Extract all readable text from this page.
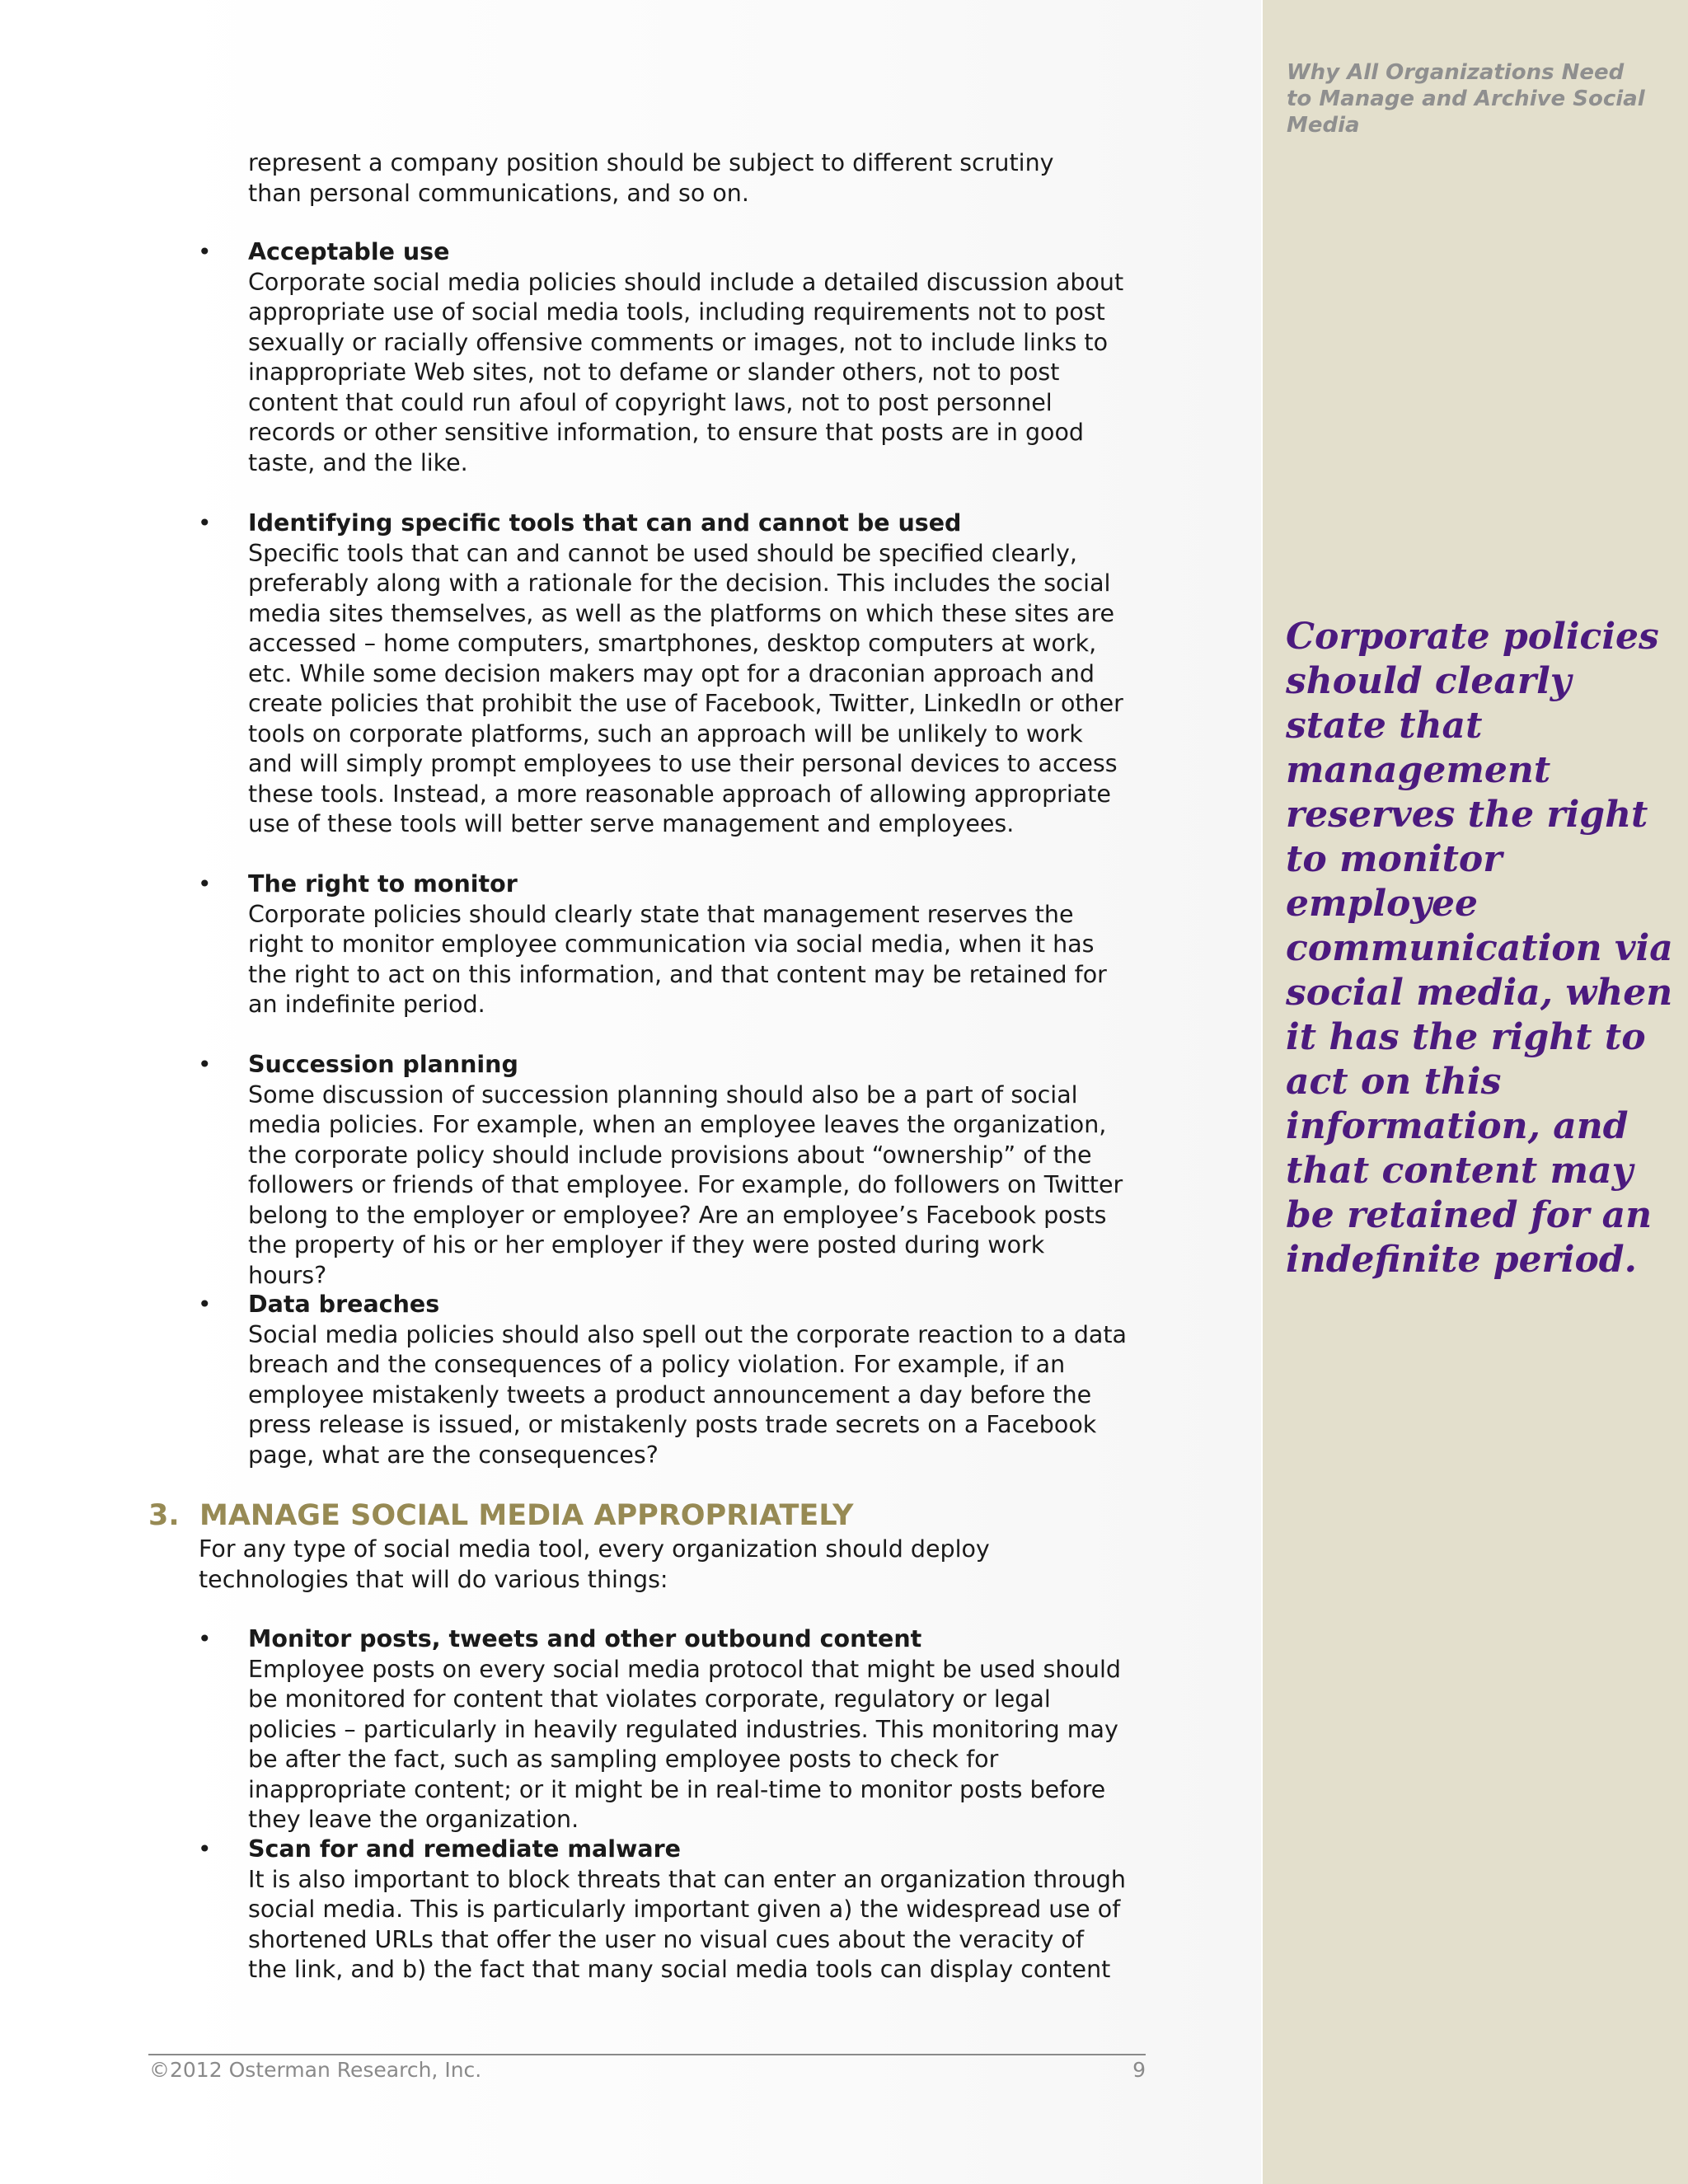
Why All Organizations Need to Manage and Archive Social Media
Corporate policies should clearly state that management reserves the right to monitor employee communication via social media, when it has the right to act on this information, and that content may be retained for an indefinite period.
represent a company position should be subject to different scrutiny than personal communications, and so on.
•	Acceptable use
Corporate social media policies should include a detailed discussion about appropriate use of social media tools, including requirements not to post sexually or racially offensive comments or images, not to include links to inappropriate Web sites, not to defame or slander others, not to post content that could run afoul of copyright laws, not to post personnel records or other sensitive information, to ensure that posts are in good taste, and the like.
•	Identifying specific tools that can and cannot be used
Specific tools that can and cannot be used should be specified clearly, preferably along with a rationale for the decision. This includes the social media sites themselves, as well as the platforms on which these sites are accessed – home computers, smartphones, desktop computers at work, etc. While some decision makers may opt for a draconian approach and create policies that prohibit the use of Facebook, Twitter, LinkedIn or other tools on corporate platforms, such an approach will be unlikely to work and will simply prompt employees to use their personal devices to access these tools. Instead, a more reasonable approach of allowing appropriate use of these tools will better serve management and employees.
•	The right to monitor
Corporate policies should clearly state that management reserves the right to monitor employee communication via social media, when it has the right to act on this information, and that content may be retained for an indefinite period.
•	Succession planning
Some discussion of succession planning should also be a part of social media policies. For example, when an employee leaves the organization, the corporate policy should include provisions about “ownership” of the followers or friends of that employee. For example, do followers on Twitter belong to the employer or employee? Are an employee’s Facebook posts the property of his or her employer if they were posted during work hours?
•	Data breaches
Social media policies should also spell out the corporate reaction to a data breach and the consequences of a policy violation. For example, if an employee mistakenly tweets a product announcement a day before the press release is issued, or mistakenly posts trade secrets on a Facebook page, what are the consequences?
3. MANAGE SOCIAL MEDIA APPROPRIATELY
For any type of social media tool, every organization should deploy technologies that will do various things:
•	Monitor posts, tweets and other outbound content
Employee posts on every social media protocol that might be used should be monitored for content that violates corporate, regulatory or legal policies – particularly in heavily regulated industries. This monitoring may be after the fact, such as sampling employee posts to check for inappropriate content; or it might be in real-time to monitor posts before they leave the organization.
•	Scan for and remediate malware
It is also important to block threats that can enter an organization through social media. This is particularly important given a) the widespread use of shortened URLs that offer the user no visual cues about the veracity of the link, and b) the fact that many social media tools can display content
©2012 Osterman Research, Inc.	9
